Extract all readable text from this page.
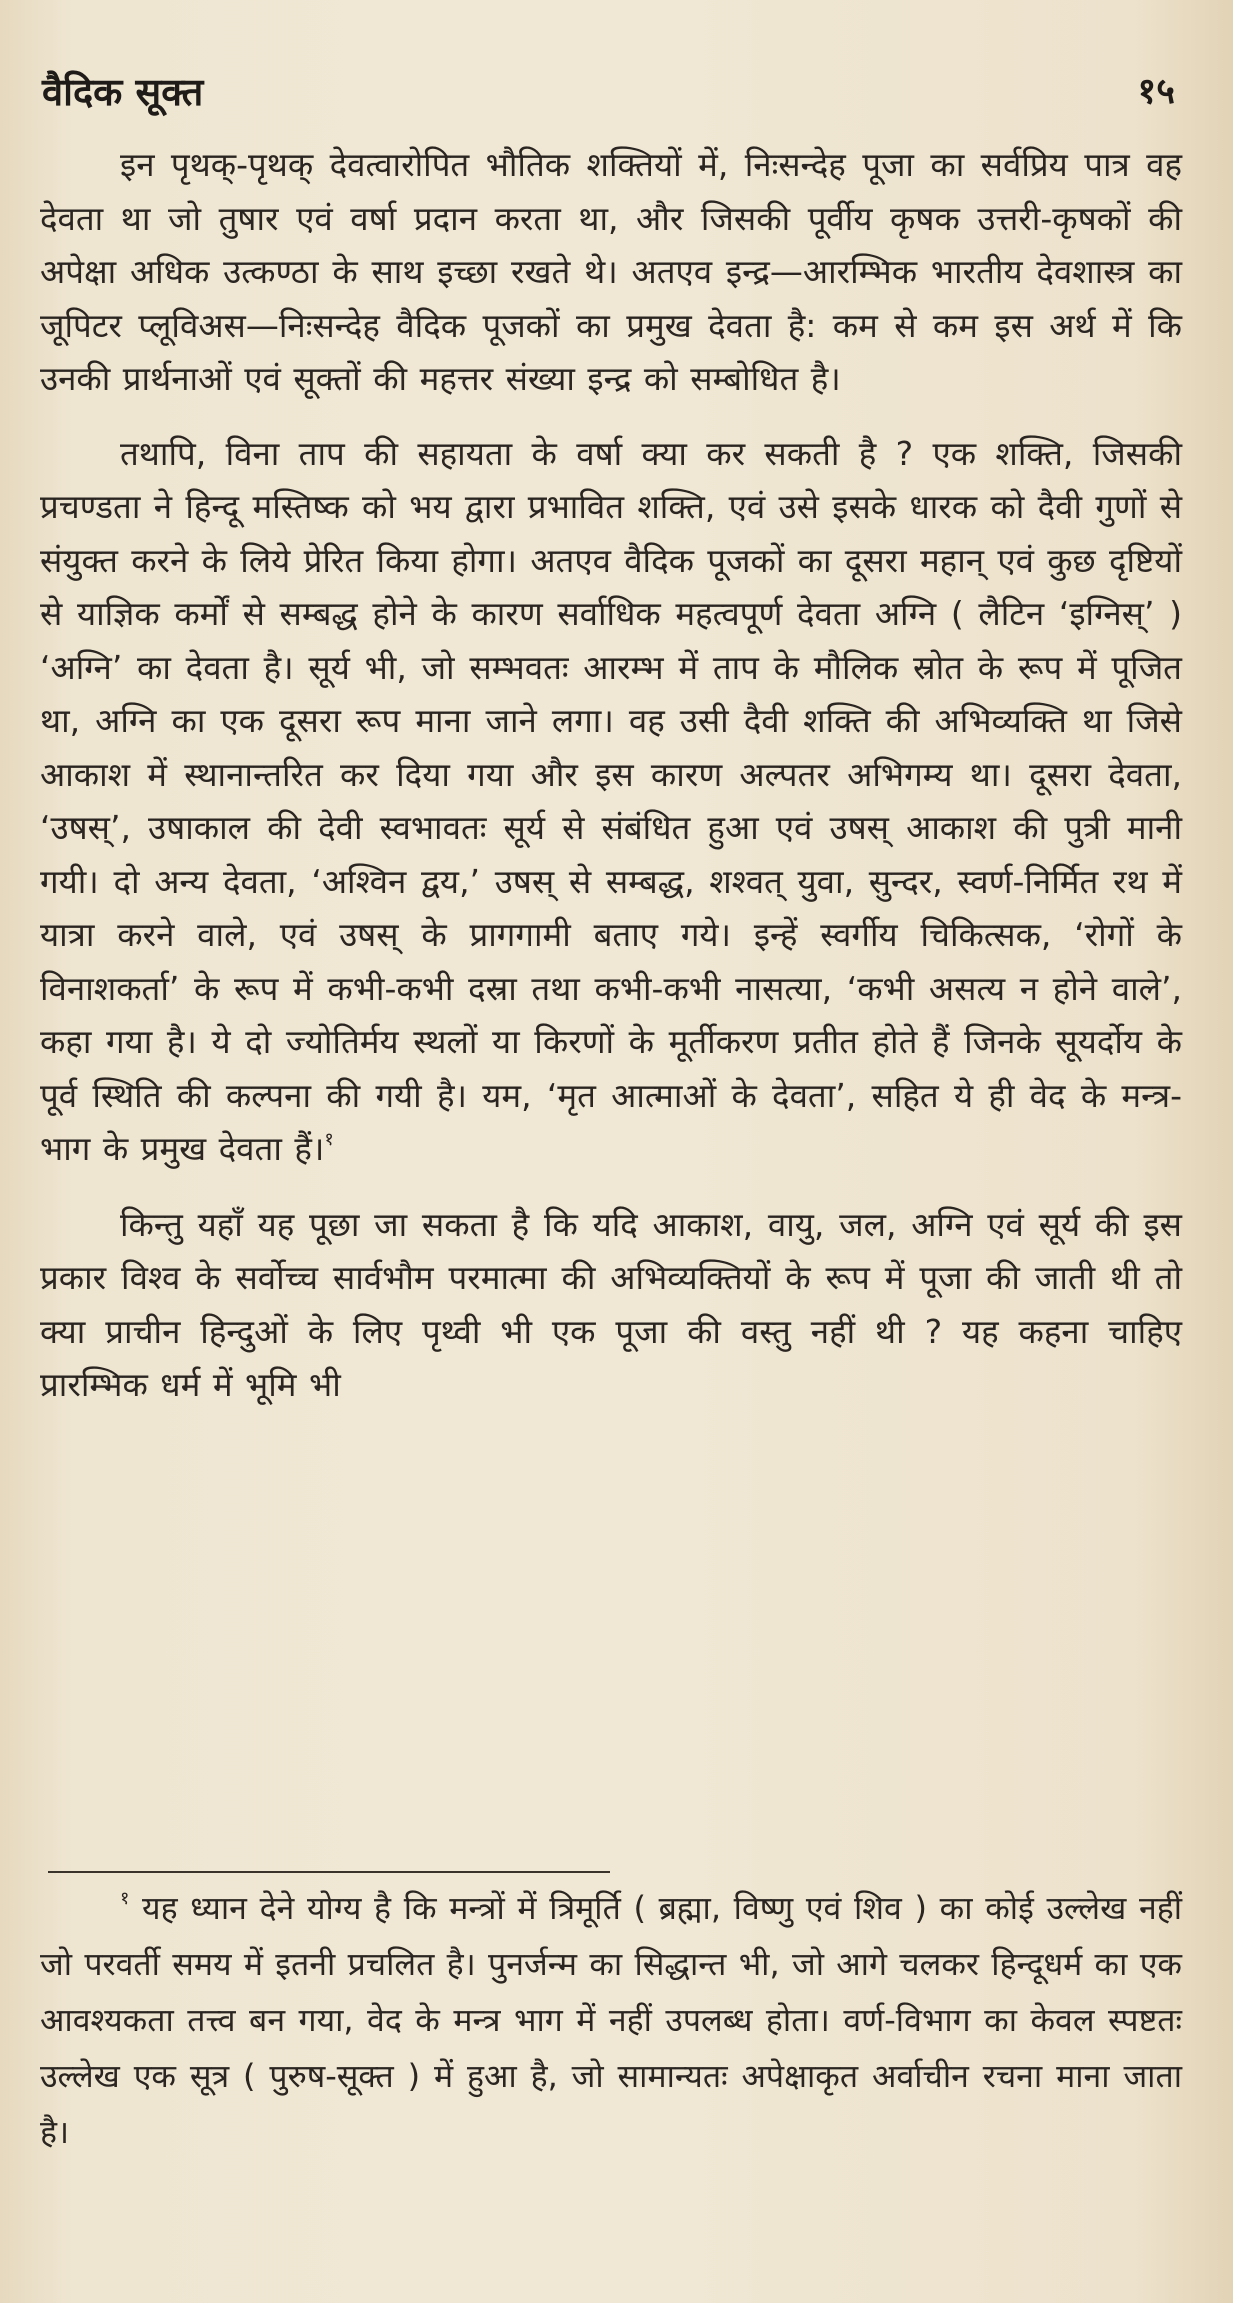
वैदिक सूक्त	१५

इन पृथक्-पृथक् देवत्वारोपित भौतिक शक्तियों में, निःसन्देह पूजा का सर्वप्रिय पात्र वह देवता था जो तुषार एवं वर्षा प्रदान करता था, और जिसकी पूर्वीय कृषक उत्तरी-कृषकों की अपेक्षा अधिक उत्कण्ठा के साथ इच्छा रखते थे। अतएव इन्द्र—आरम्भिक भारतीय देवशास्त्र का जूपिटर प्लूविअस—निःसन्देह वैदिक पूजकों का प्रमुख देवता है: कम से कम इस अर्थ में कि उनकी प्रार्थनाओं एवं सूक्तों की महत्तर संख्या इन्द्र को सम्बोधित है।

तथापि, विना ताप की सहायता के वर्षा क्या कर सकती है ? एक शक्ति, जिसकी प्रचण्डता ने हिन्दू मस्तिष्क को भय द्वारा प्रभावित शक्ति, एवं उसे इसके धारक को दैवी गुणों से संयुक्त करने के लिये प्रेरित किया होगा। अतएव वैदिक पूजकों का दूसरा महान् एवं कुछ दृष्टियों से याज्ञिक कर्मों से सम्बद्ध होने के कारण सर्वाधिक महत्वपूर्ण देवता अग्नि ( लैटिन ‘इग्निस्’ ) ‘अग्नि’ का देवता है। सूर्य भी, जो सम्भवतः आरम्भ में ताप के मौलिक स्रोत के रूप में पूजित था, अग्नि का एक दूसरा रूप माना जाने लगा। वह उसी दैवी शक्ति की अभिव्यक्ति था जिसे आकाश में स्थानान्तरित कर दिया गया और इस कारण अल्पतर अभिगम्य था। दूसरा देवता, ‘उषस्’, उषाकाल की देवी स्वभावतः सूर्य से संबंधित हुआ एवं उषस् आकाश की पुत्री मानी गयी। दो अन्य देवता, ‘अश्विन द्वय,’ उषस् से सम्बद्ध, शश्वत् युवा, सुन्दर, स्वर्ण-निर्मित रथ में यात्रा करने वाले, एवं उषस् के प्रागगामी बताए गये। इन्हें स्वर्गीय चिकित्सक, ‘रोगों के विनाशकर्ता’ के रूप में कभी-कभी दस्रा तथा कभी-कभी नासत्या, ‘कभी असत्य न होने वाले’, कहा गया है। ये दो ज्योतिर्मय स्थलों या किरणों के मूर्तीकरण प्रतीत होते हैं जिनके सूयर्दोय के पूर्व स्थिति की कल्पना की गयी है। यम, ‘मृत आत्माओं के देवता’, सहित ये ही वेद के मन्त्र-भाग के प्रमुख देवता हैं।$^१$

किन्तु यहाँ यह पूछा जा सकता है कि यदि आकाश, वायु, जल, अग्नि एवं सूर्य की इस प्रकार विश्व के सर्वोच्च सार्वभौम परमात्मा की अभिव्यक्तियों के रूप में पूजा की जाती थी तो क्या प्राचीन हिन्दुओं के लिए पृथ्वी भी एक पूजा की वस्तु नहीं थी ? यह कहना चाहिए प्रारम्भिक धर्म में भूमि भी

$^१$ यह ध्यान देने योग्य है कि मन्त्रों में त्रिमूर्ति ( ब्रह्मा, विष्णु एवं शिव ) का कोई उल्लेख नहीं जो परवर्ती समय में इतनी प्रचलित है। पुनर्जन्म का सिद्धान्त भी, जो आगे चलकर हिन्दूधर्म का एक आवश्यकता तत्त्व बन गया, वेद के मन्त्र भाग में नहीं उपलब्ध होता। वर्ण-विभाग का केवल स्पष्टतः उल्लेख एक सूत्र ( पुरुष-सूक्त ) में हुआ है, जो सामान्यतः अपेक्षाकृत अर्वाचीन रचना माना जाता है।
